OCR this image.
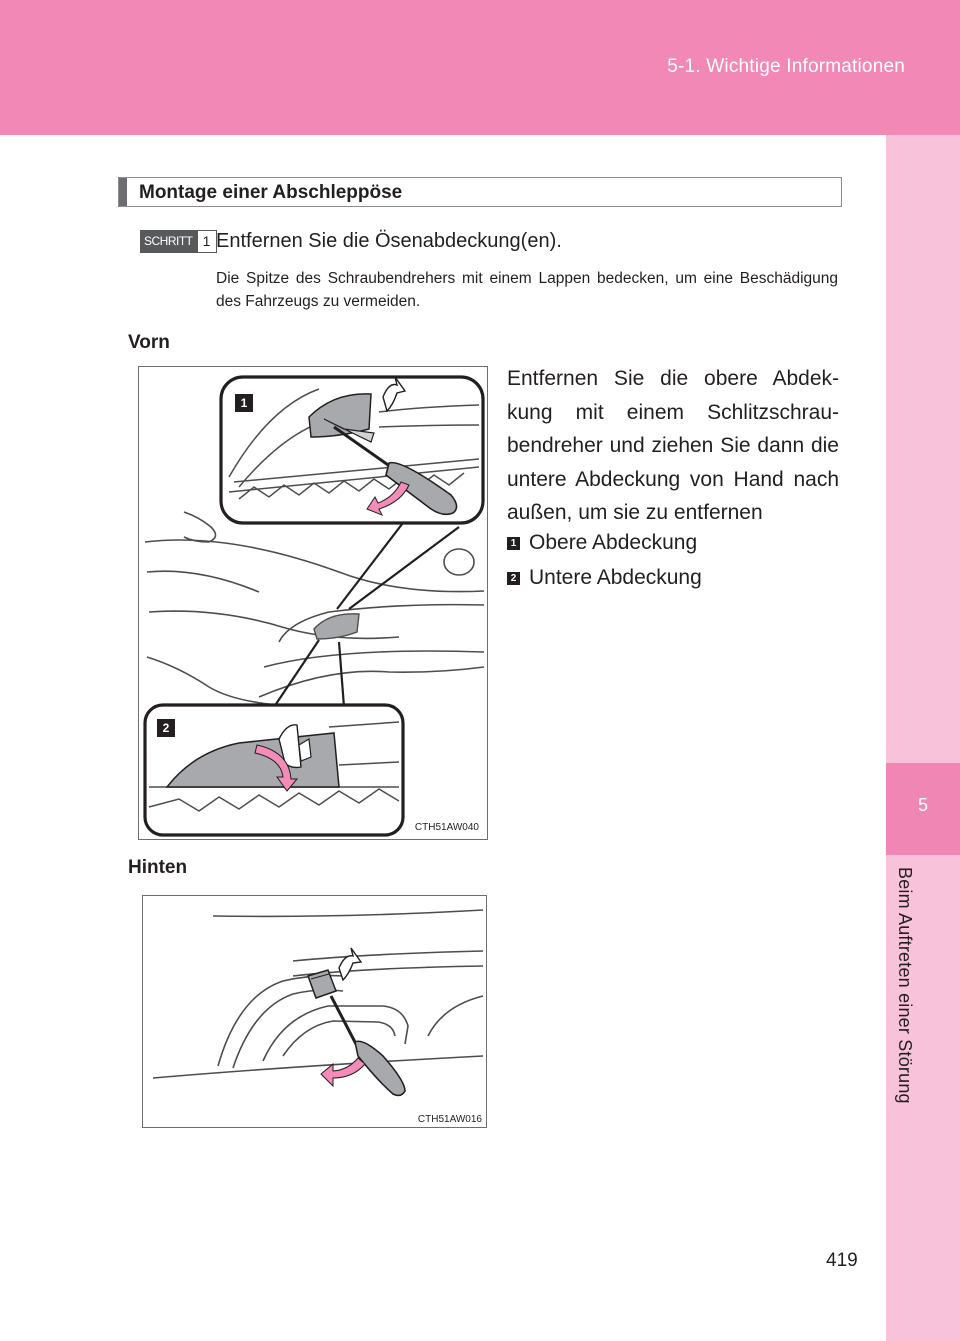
5-1. Wichtige Informationen
5
Beim Auftreten einer Störung
Montage einer Abschleppöse
SCHRITT 1 Entfernen Sie die Ösenabdeckung(en).
Die Spitze des Schraubendrehers mit einem Lappen bedecken, um eine Beschädigung des Fahrzeugs zu vermeiden.
Vorn
1
2
CTH51AW040
Entfernen Sie die obere Abdek-kung mit einem Schlitzschrau-bendreher und ziehen Sie dann die untere Abdeckung von Hand nach außen, um sie zu entfernen
1 Obere Abdeckung
2 Untere Abdeckung
Hinten
CTH51AW016
419
